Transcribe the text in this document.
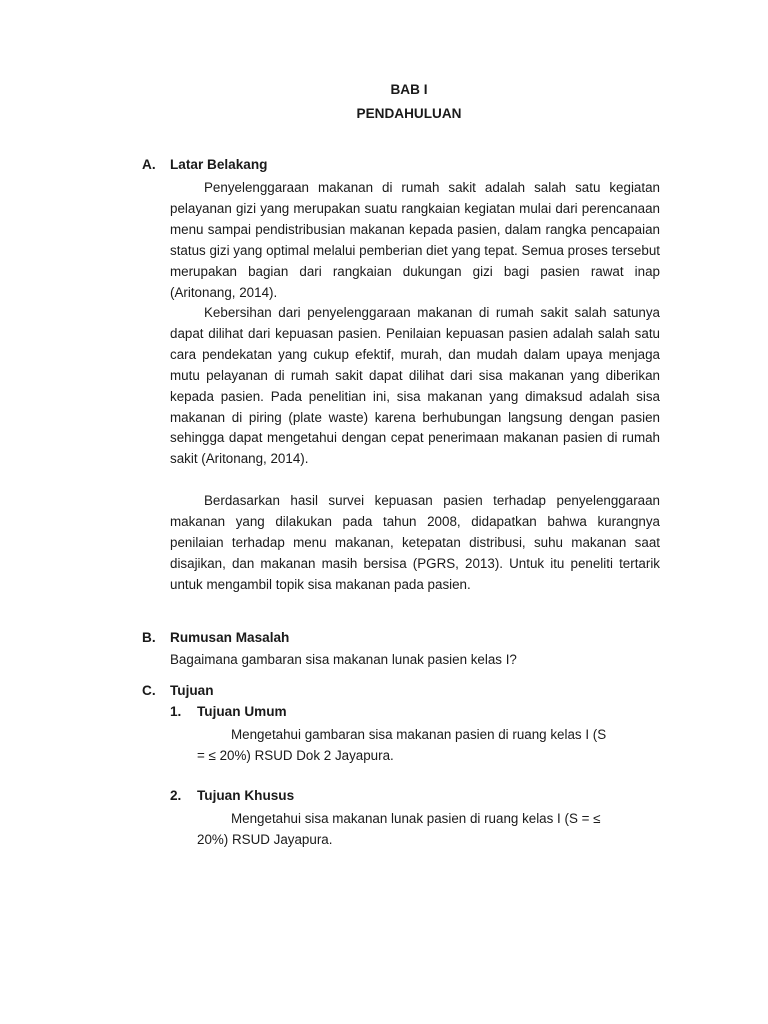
BAB I
PENDAHULUAN
A. Latar Belakang

Penyelenggaraan makanan di rumah sakit adalah salah satu kegiatan pelayanan gizi yang merupakan suatu rangkaian kegiatan mulai dari perencanaan menu sampai pendistribusian makanan kepada pasien, dalam rangka pencapaian status gizi yang optimal melalui pemberian diet yang tepat. Semua proses tersebut merupakan bagian dari rangkaian dukungan gizi bagi pasien rawat inap (Aritonang, 2014).

Kebersihan dari penyelenggaraan makanan di rumah sakit salah satunya dapat dilihat dari kepuasan pasien. Penilaian kepuasan pasien adalah salah satu cara pendekatan yang cukup efektif, murah, dan mudah dalam upaya menjaga mutu pelayanan di rumah sakit dapat dilihat dari sisa makanan yang diberikan kepada pasien. Pada penelitian ini, sisa makanan yang dimaksud adalah sisa makanan di piring (plate waste) karena berhubungan langsung dengan pasien sehingga dapat mengetahui dengan cepat penerimaan makanan pasien di rumah sakit (Aritonang, 2014).

Berdasarkan hasil survei kepuasan pasien terhadap penyelenggaraan makanan yang dilakukan pada tahun 2008, didapatkan bahwa kurangnya penilaian terhadap menu makanan, ketepatan distribusi, suhu makanan saat disajikan, dan makanan masih bersisa (PGRS, 2013). Untuk itu peneliti tertarik untuk mengambil topik sisa makanan pada pasien.

B. Rumusan Masalah

Bagaimana gambaran sisa makanan lunak pasien kelas I?

C. Tujuan
1. Tujuan Umum

Mengetahui gambaran sisa makanan pasien di ruang kelas I (S

= ≤ 20%) RSUD Dok 2 Jayapura.

2. Tujuan Khusus

Mengetahui sisa makanan lunak pasien di ruang kelas I (S = ≤

20%) RSUD Jayapura.
